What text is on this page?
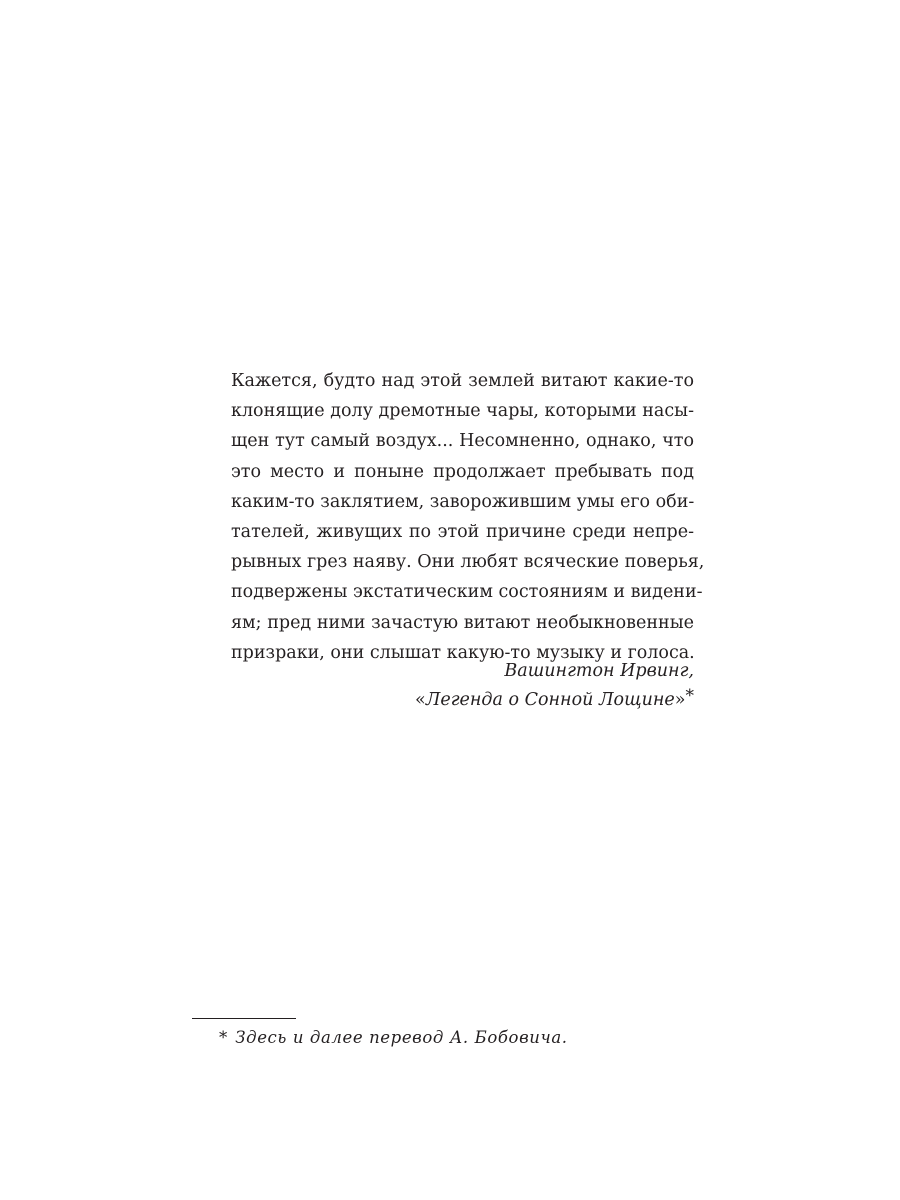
Кажется, будто над этой землей витают какие-то
клонящие долу дремотные чары, которыми насы-
щен тут самый воздух... Несомненно, однако, что
это место и поныне продолжает пребывать под
каким-то заклятием, заворожившим умы его оби-
тателей, живущих по этой причине среди непре-
рывных грез наяву. Они любят всяческие поверья,
подвержены экстатическим состояниям и видени-
ям; пред ними зачастую витают необыкновенные
призраки, они слышат какую-то музыку и голоса.
Вашингтон Ирвинг,
«Легенда о Сонной Лощине»*
* Здесь и далее перевод А. Бобовича.
